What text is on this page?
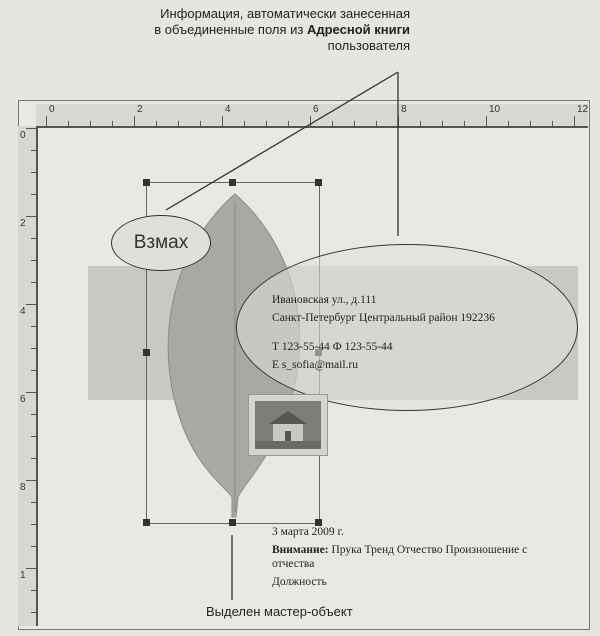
Информация, автоматически занесенная
в объединенные поля из Адресной книги
пользователя
0	2	4	6	8	10	12
0
2
4
6
8
1
Взмах
Ивановская ул., д.111
Санкт-Петербург Центральный район 192236
Т 123-55-44 Ф 123-55-44
E s_sofia@mail.ru
3 марта 2009 г.
Внимание: Прука Тренд Отчество Произношение с
отчества
Должность
Выделен мастер-объект
